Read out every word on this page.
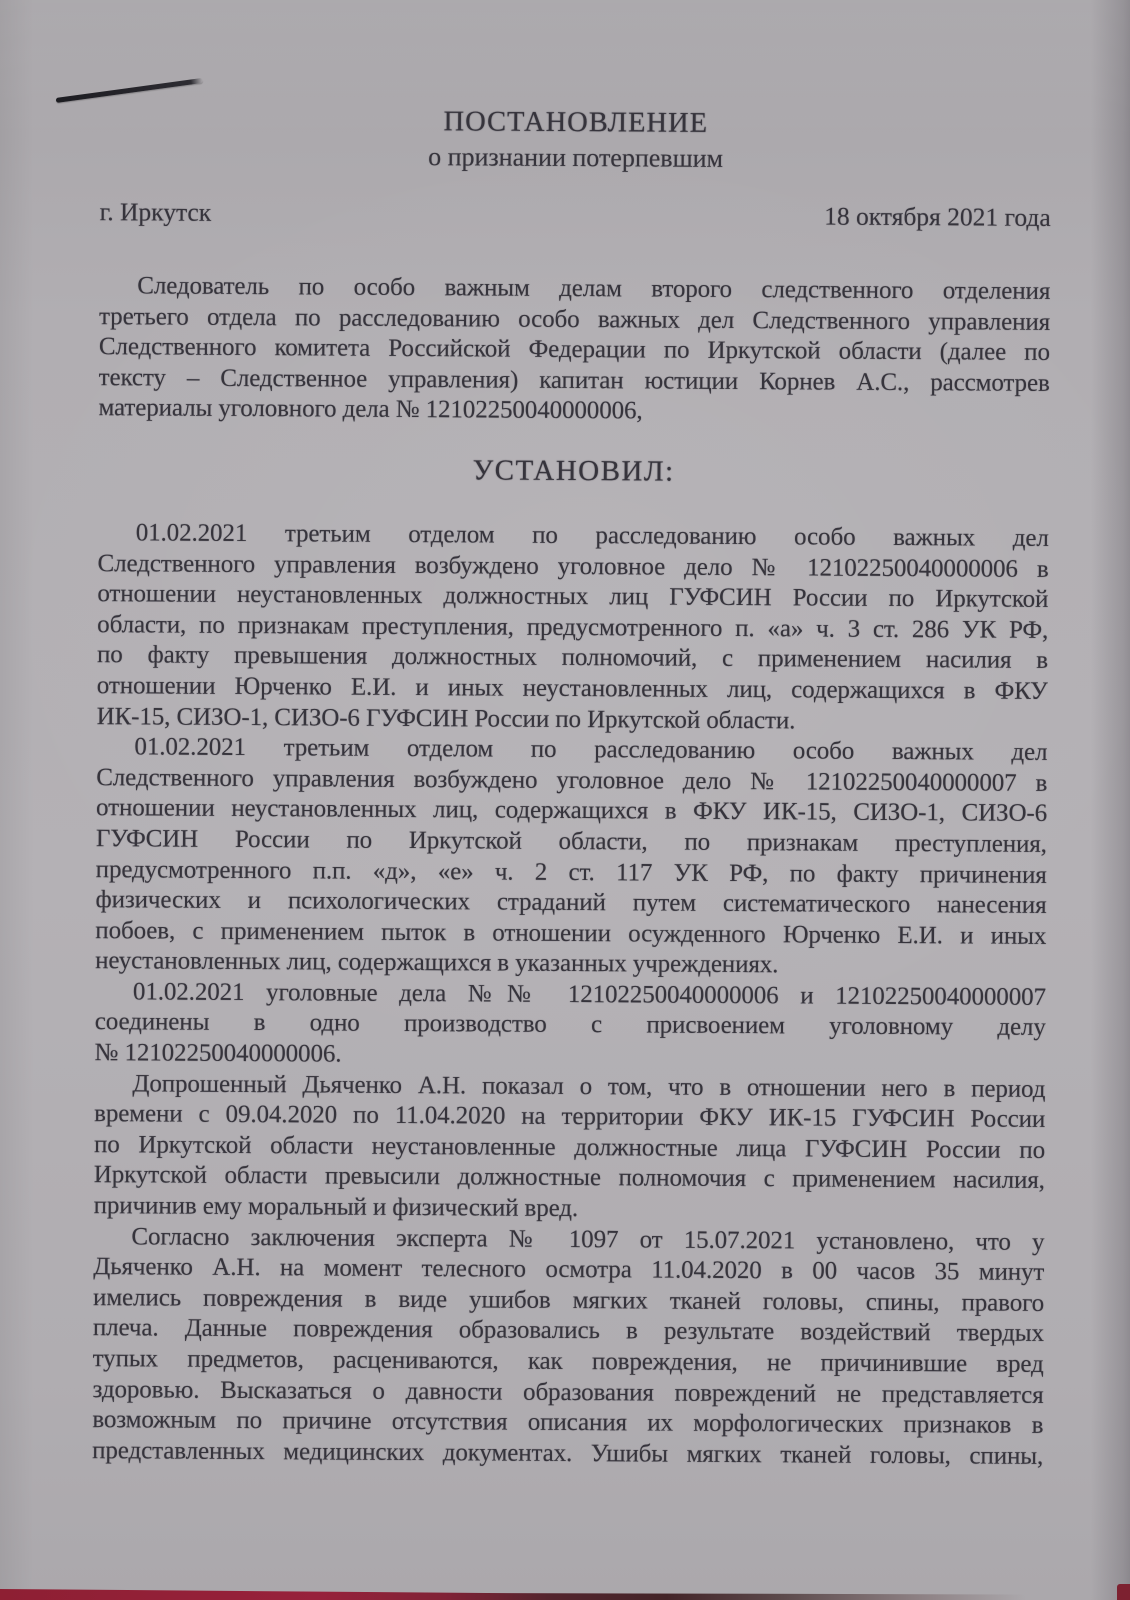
ПОСТАНОВЛЕНИЕ
о признании потерпевшим
г. Иркутск	18 октября 2021 года
Следователь по особо важным делам второго следственного отделения
третьего отдела по расследованию особо важных дел Следственного управления
Следственного комитета Российской Федерации по Иркутской области (далее по
тексту – Следственное управления) капитан юстиции Корнев А.С., рассмотрев
материалы уголовного дела № 12102250040000006,
УСТАНОВИЛ:
01.02.2021 третьим отделом по расследованию особо важных дел
Следственного управления возбуждено уголовное дело № 12102250040000006 в
отношении неустановленных должностных лиц ГУФСИН России по Иркутской
области, по признакам преступления, предусмотренного п. «а» ч. 3 ст. 286 УК РФ,
по факту превышения должностных полномочий, с применением насилия в
отношении Юрченко Е.И. и иных неустановленных лиц, содержащихся в ФКУ
ИК-15, СИЗО-1, СИЗО-6 ГУФСИН России по Иркутской области.
01.02.2021 третьим отделом по расследованию особо важных дел
Следственного управления возбуждено уголовное дело № 12102250040000007 в
отношении неустановленных лиц, содержащихся в ФКУ ИК-15, СИЗО-1, СИЗО-6
ГУФСИН России по Иркутской области, по признакам преступления,
предусмотренного п.п. «д», «е» ч. 2 ст. 117 УК РФ, по факту причинения
физических и психологических страданий путем систематического нанесения
побоев, с применением пыток в отношении осужденного Юрченко Е.И. и иных
неустановленных лиц, содержащихся в указанных учреждениях.
01.02.2021 уголовные дела №№ 12102250040000006 и 12102250040000007
соединены в одно производство с присвоением уголовному делу
№ 12102250040000006.
Допрошенный Дьяченко А.Н. показал о том, что в отношении него в период
времени с 09.04.2020 по 11.04.2020 на территории ФКУ ИК-15 ГУФСИН России
по Иркутской области неустановленные должностные лица ГУФСИН России по
Иркутской области превысили должностные полномочия с применением насилия,
причинив ему моральный и физический вред.
Согласно заключения эксперта № 1097 от 15.07.2021 установлено, что у
Дьяченко А.Н. на момент телесного осмотра 11.04.2020 в 00 часов 35 минут
имелись повреждения в виде ушибов мягких тканей головы, спины, правого
плеча. Данные повреждения образовались в результате воздействий твердых
тупых предметов, расцениваются, как повреждения, не причинившие вред
здоровью. Высказаться о давности образования повреждений не представляется
возможным по причине отсутствия описания их морфологических признаков в
представленных медицинских документах. Ушибы мягких тканей головы, спины,
